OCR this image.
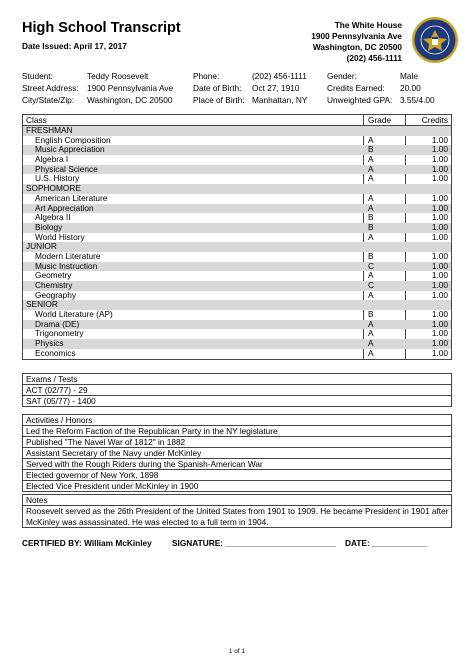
High School Transcript
Date Issued: April 17, 2017
The White House
1900 Pennsylvania Ave
Washington, DC 20500
(202) 456-1111
Student:	Teddy Roosevelt	Phone:	(202) 456-1111 Gender:	Male
Street Address: 1900 Pennsylvania Ave Date of Birth: Oct 27, 1910	Credits Earned: 20.00
City/State/Zip: Washington, DC 20500 Place of Birth: Manhattan, NY Unweighted GPA: 3.55/4.00
Class	Grade	Credits
FRESHMAN
English Composition	A	1.00
Music Appreciation	B	1.00
Algebra I	A	1.00
Physical Science	A	1.00
U.S. History	A	1.00
SOPHOMORE
American Literature	A	1.00
Art Appreciation	A	1.00
Algebra II	B	1.00
Biology	B	1.00
World History	A	1.00
JUNIOR
Modern Literature	B	1.00
Music Instruction	C	1.00
Geometry	A	1.00
Chemistry	C	1.00
Geography	A	1.00
SENIOR
World Literature (AP)	B	1.00
Drama (DE)	A	1.00
Trigonometry	A	1.00
Physics	A	1.00
Economics	A	1.00
Exams / Tests
ACT (02/77) - 29
SAT (05/77) - 1400
Activities / Honors
Led the Reform Faction of the Republican Party in the NY legislature
Published "The Navel War of 1812" in 1882
Assistant Secretary of the Navy under McKinley
Served with the Rough Riders during the Spanish-American War
Elected governor of New York, 1898
Elected Vice President under McKinley in 1900
Notes
Roosevelt served as the 26th President of the United States from 1901 to 1909. He became President in 1901 after McKinley was assassinated. He was elected to a full term in 1904.
CERTIFIED BY: William McKinley SIGNATURE: ________________________ DATE: ____________
1 of 1
